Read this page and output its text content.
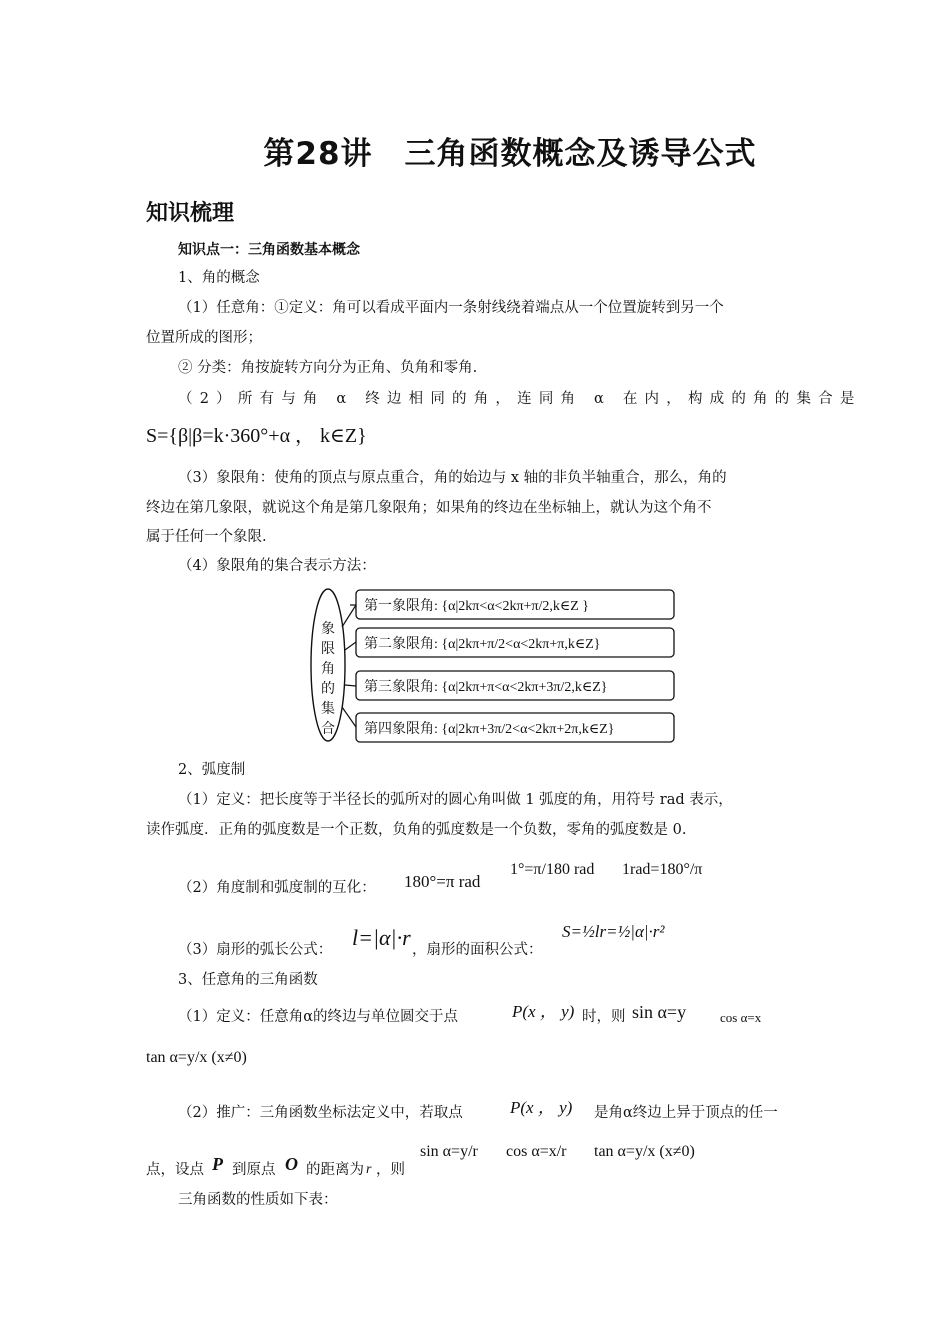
第28讲　三角函数概念及诱导公式
知识梳理
知识点一：三角函数基本概念
1、角的概念
（1）任意角：①定义：角可以看成平面内一条射线绕着端点从一个位置旋转到另一个
位置所成的图形；
② 分类：角按旋转方向分为正角、负角和零角.
（2）所有与角 α 终边相同的角，连同角 α 在内，构成的角的集合是
S={β|β=k·360°+α ， k∈Z}
（3）象限角：使角的顶点与原点重合，角的始边与 x 轴的非负半轴重合，那么，角的
终边在第几象限，就说这个角是第几象限角；如果角的终边在坐标轴上，就认为这个角不
属于任何一个象限.
（4）象限角的集合表示方法：
象
限
角
的
集
合
第一象限角: {α|2kπ<α<2kπ+π/2,k∈Z }
第二象限角: {α|2kπ+π/2<α<2kπ+π,k∈Z}
第三象限角: {α|2kπ+π<α<2kπ+3π/2,k∈Z}
第四象限角: {α|2kπ+3π/2<α<2kπ+2π,k∈Z}
2、弧度制
（1）定义：把长度等于半径长的弧所对的圆心角叫做 1 弧度的角，用符号 rad 表示，
读作弧度．正角的弧度数是一个正数，负角的弧度数是一个负数，零角的弧度数是 0.
（2）角度制和弧度制的互化： 180°=π rad
1°=π/180 rad 1rad=180°/π
（3）扇形的弧长公式： l=|α|·r ，扇形的面积公式：
S=½lr=½|α|·r²
3、任意角的三角函数
（1）定义：任意角α的终边与单位圆交于点	P(x ， y) 时，则 sin α=y	cos α=x
tan α=y/x (x≠0)
（2）推广：三角函数坐标法定义中，若取点	P(x ， y) 是角α终边上异于顶点的任一
点，设点 P 到原点 O 的距离为 r ，则
sin α=y/r cos α=x/r tan α=y/x (x≠0)
三角函数的性质如下表：
